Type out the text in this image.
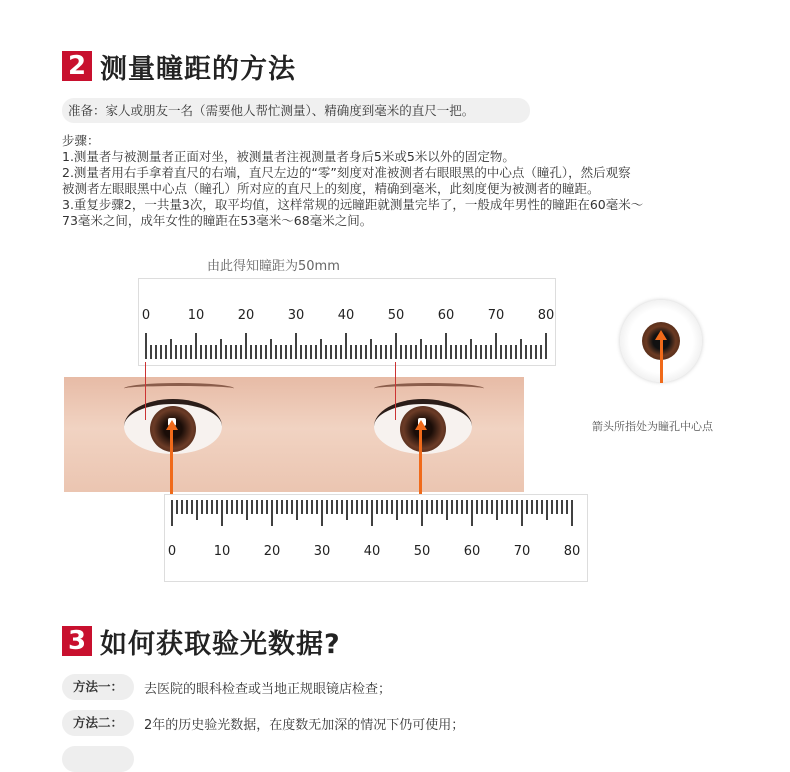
2 测量瞳距的方法
准备：家人或朋友一名（需要他人帮忙测量）、精确度到毫米的直尺一把。
步骤：
1.测量者与被测量者正面对坐，被测量者注视测量者身后5米或5米以外的固定物。
2.测量者用右手拿着直尺的右端，直尺左边的“零”刻度对准被测者右眼眼黑的中心点（瞳孔），然后观察
被测者左眼眼黑中心点（瞳孔）所对应的直尺上的刻度，精确到毫米，此刻度便为被测者的瞳距。
3.重复步骤2，一共量3次，取平均值，这样常规的远瞳距就测量完毕了，一般成年男性的瞳距在60毫米～
73毫米之间，成年女性的瞳距在53毫米～68毫米之间。
由此得知瞳距为50mm
0	10	20	30	40	50	60	70	80
0	10	20	30	40	50	60	70	80
箭头所指处为瞳孔中心点
3 如何获取验光数据?
方法一：	去医院的眼科检查或当地正规眼镜店检查；
方法二：	2年的历史验光数据，在度数无加深的情况下仍可使用；
